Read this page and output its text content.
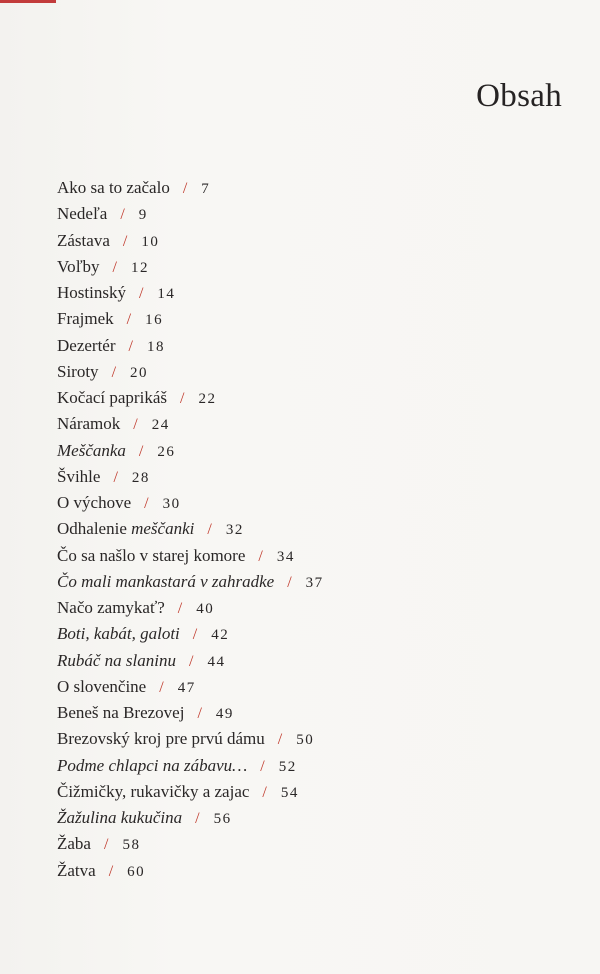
Obsah
Ako sa to začalo / 7
Nedeľa / 9
Zástava / 10
Voľby / 12
Hostinský / 14
Frajmek / 16
Dezertér / 18
Siroty / 20
Kočací paprikáš / 22
Náramok / 24
Meščanka / 26
Švihle / 28
O výchove / 30
Odhalenie meščanki / 32
Čo sa našlo v starej komore / 34
Čo mali mankastará v zahradke / 37
Načo zamykať? / 40
Boti, kabát, galoti / 42
Rubáč na slaninu / 44
O slovenčine / 47
Beneš na Brezovej / 49
Brezovský kroj pre prvú dámu / 50
Podme chlapci na zábavu… / 52
Čižmičky, rukavičky a zajac / 54
Žažulina kukučina / 56
Žaba / 58
Žatva / 60
